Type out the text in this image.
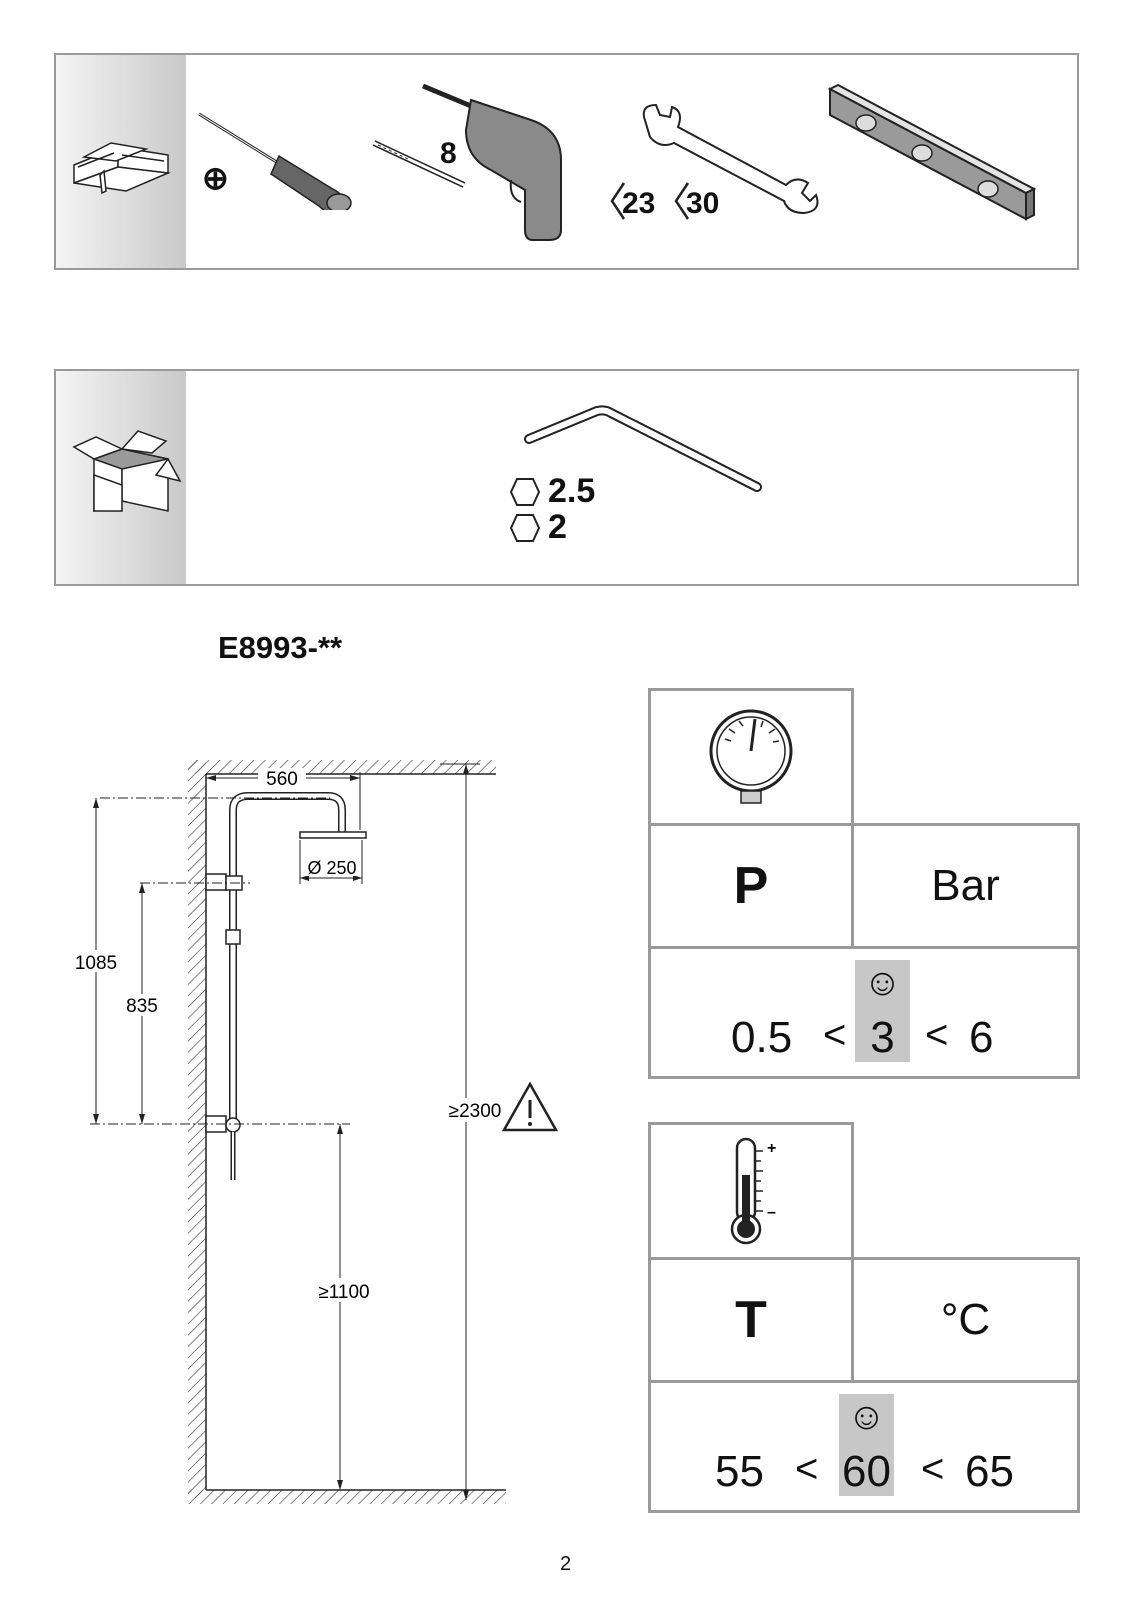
⊕
8
23 30
2.5
2
E8993-**
560
Ø 250
1085
835
≥1100
≥2300
P	Bar
☺
0.5 < 3 < 6
+
–
T	°C
☺
55 < 60 < 65
2
